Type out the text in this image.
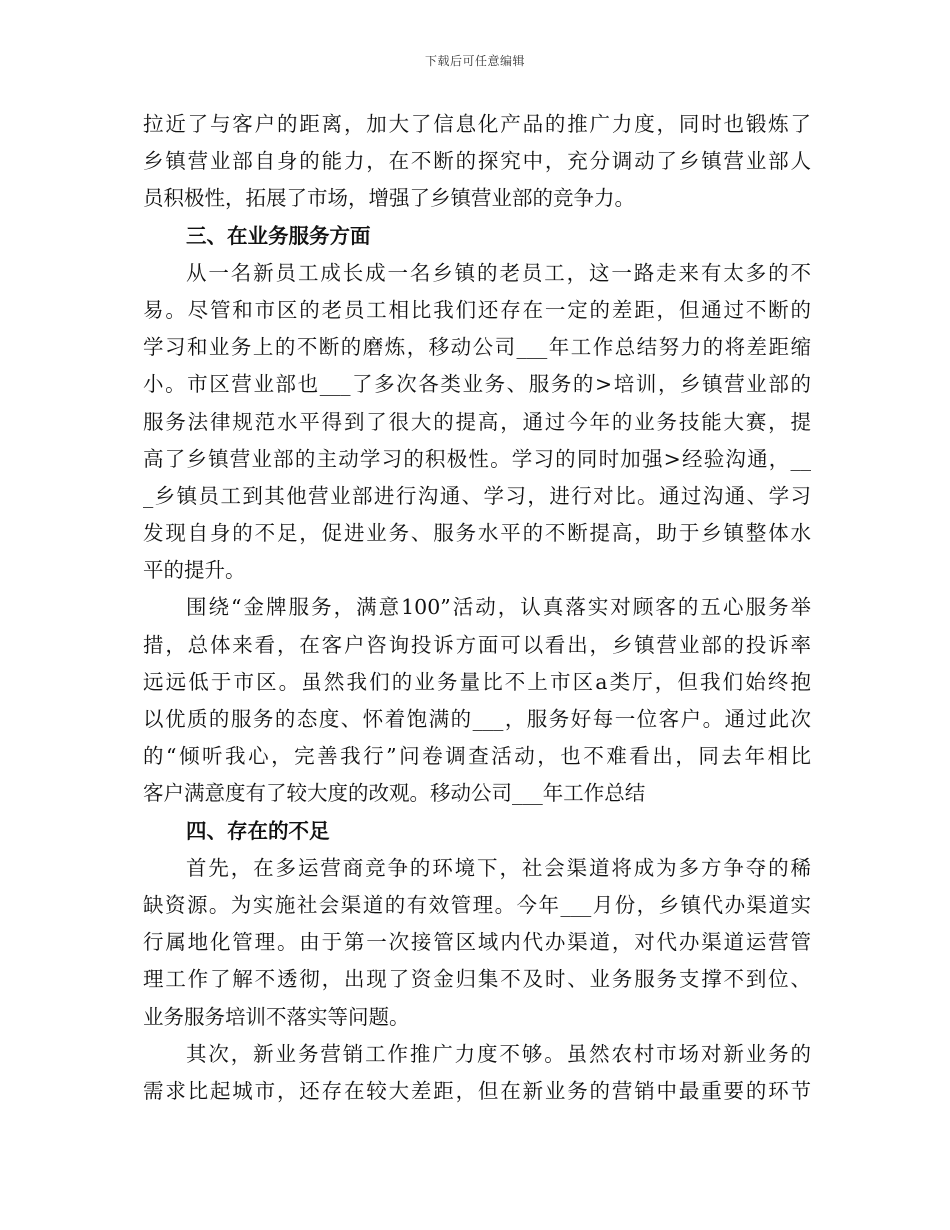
下载后可任意编辑
拉近了与客户的距离，加大了信息化产品的推广力度，同时也锻炼了
乡镇营业部自身的能力，在不断的探究中，充分调动了乡镇营业部人
员积极性，拓展了市场，增强了乡镇营业部的竞争力。
三、在业务服务方面
从一名新员工成长成一名乡镇的老员工，这一路走来有太多的不
易。尽管和市区的老员工相比我们还存在一定的差距，但通过不断的
学习和业务上的不断的磨炼，移动公司___年工作总结努力的将差距缩
小。市区营业部也___了多次各类业务、服务的>培训，乡镇营业部的
服务法律规范水平得到了很大的提高，通过今年的业务技能大赛，提
高了乡镇营业部的主动学习的积极性。学习的同时加强>经验沟通，__
_乡镇员工到其他营业部进行沟通、学习，进行对比。通过沟通、学习
发现自身的不足，促进业务、服务水平的不断提高，助于乡镇整体水
平的提升。
围绕“金牌服务，满意100”活动，认真落实对顾客的五心服务举
措，总体来看，在客户咨询投诉方面可以看出，乡镇营业部的投诉率
远远低于市区。虽然我们的业务量比不上市区a类厅，但我们始终抱
以优质的服务的态度、怀着饱满的___，服务好每一位客户。通过此次
的“倾听我心，完善我行”问卷调查活动，也不难看出，同去年相比
客户满意度有了较大度的改观。移动公司___年工作总结
四、存在的不足
首先，在多运营商竞争的环境下，社会渠道将成为多方争夺的稀
缺资源。为实施社会渠道的有效管理。今年___月份，乡镇代办渠道实
行属地化管理。由于第一次接管区域内代办渠道，对代办渠道运营管
理工作了解不透彻，出现了资金归集不及时、业务服务支撑不到位、
业务服务培训不落实等问题。
其次，新业务营销工作推广力度不够。虽然农村市场对新业务的
需求比起城市，还存在较大差距，但在新业务的营销中最重要的环节
